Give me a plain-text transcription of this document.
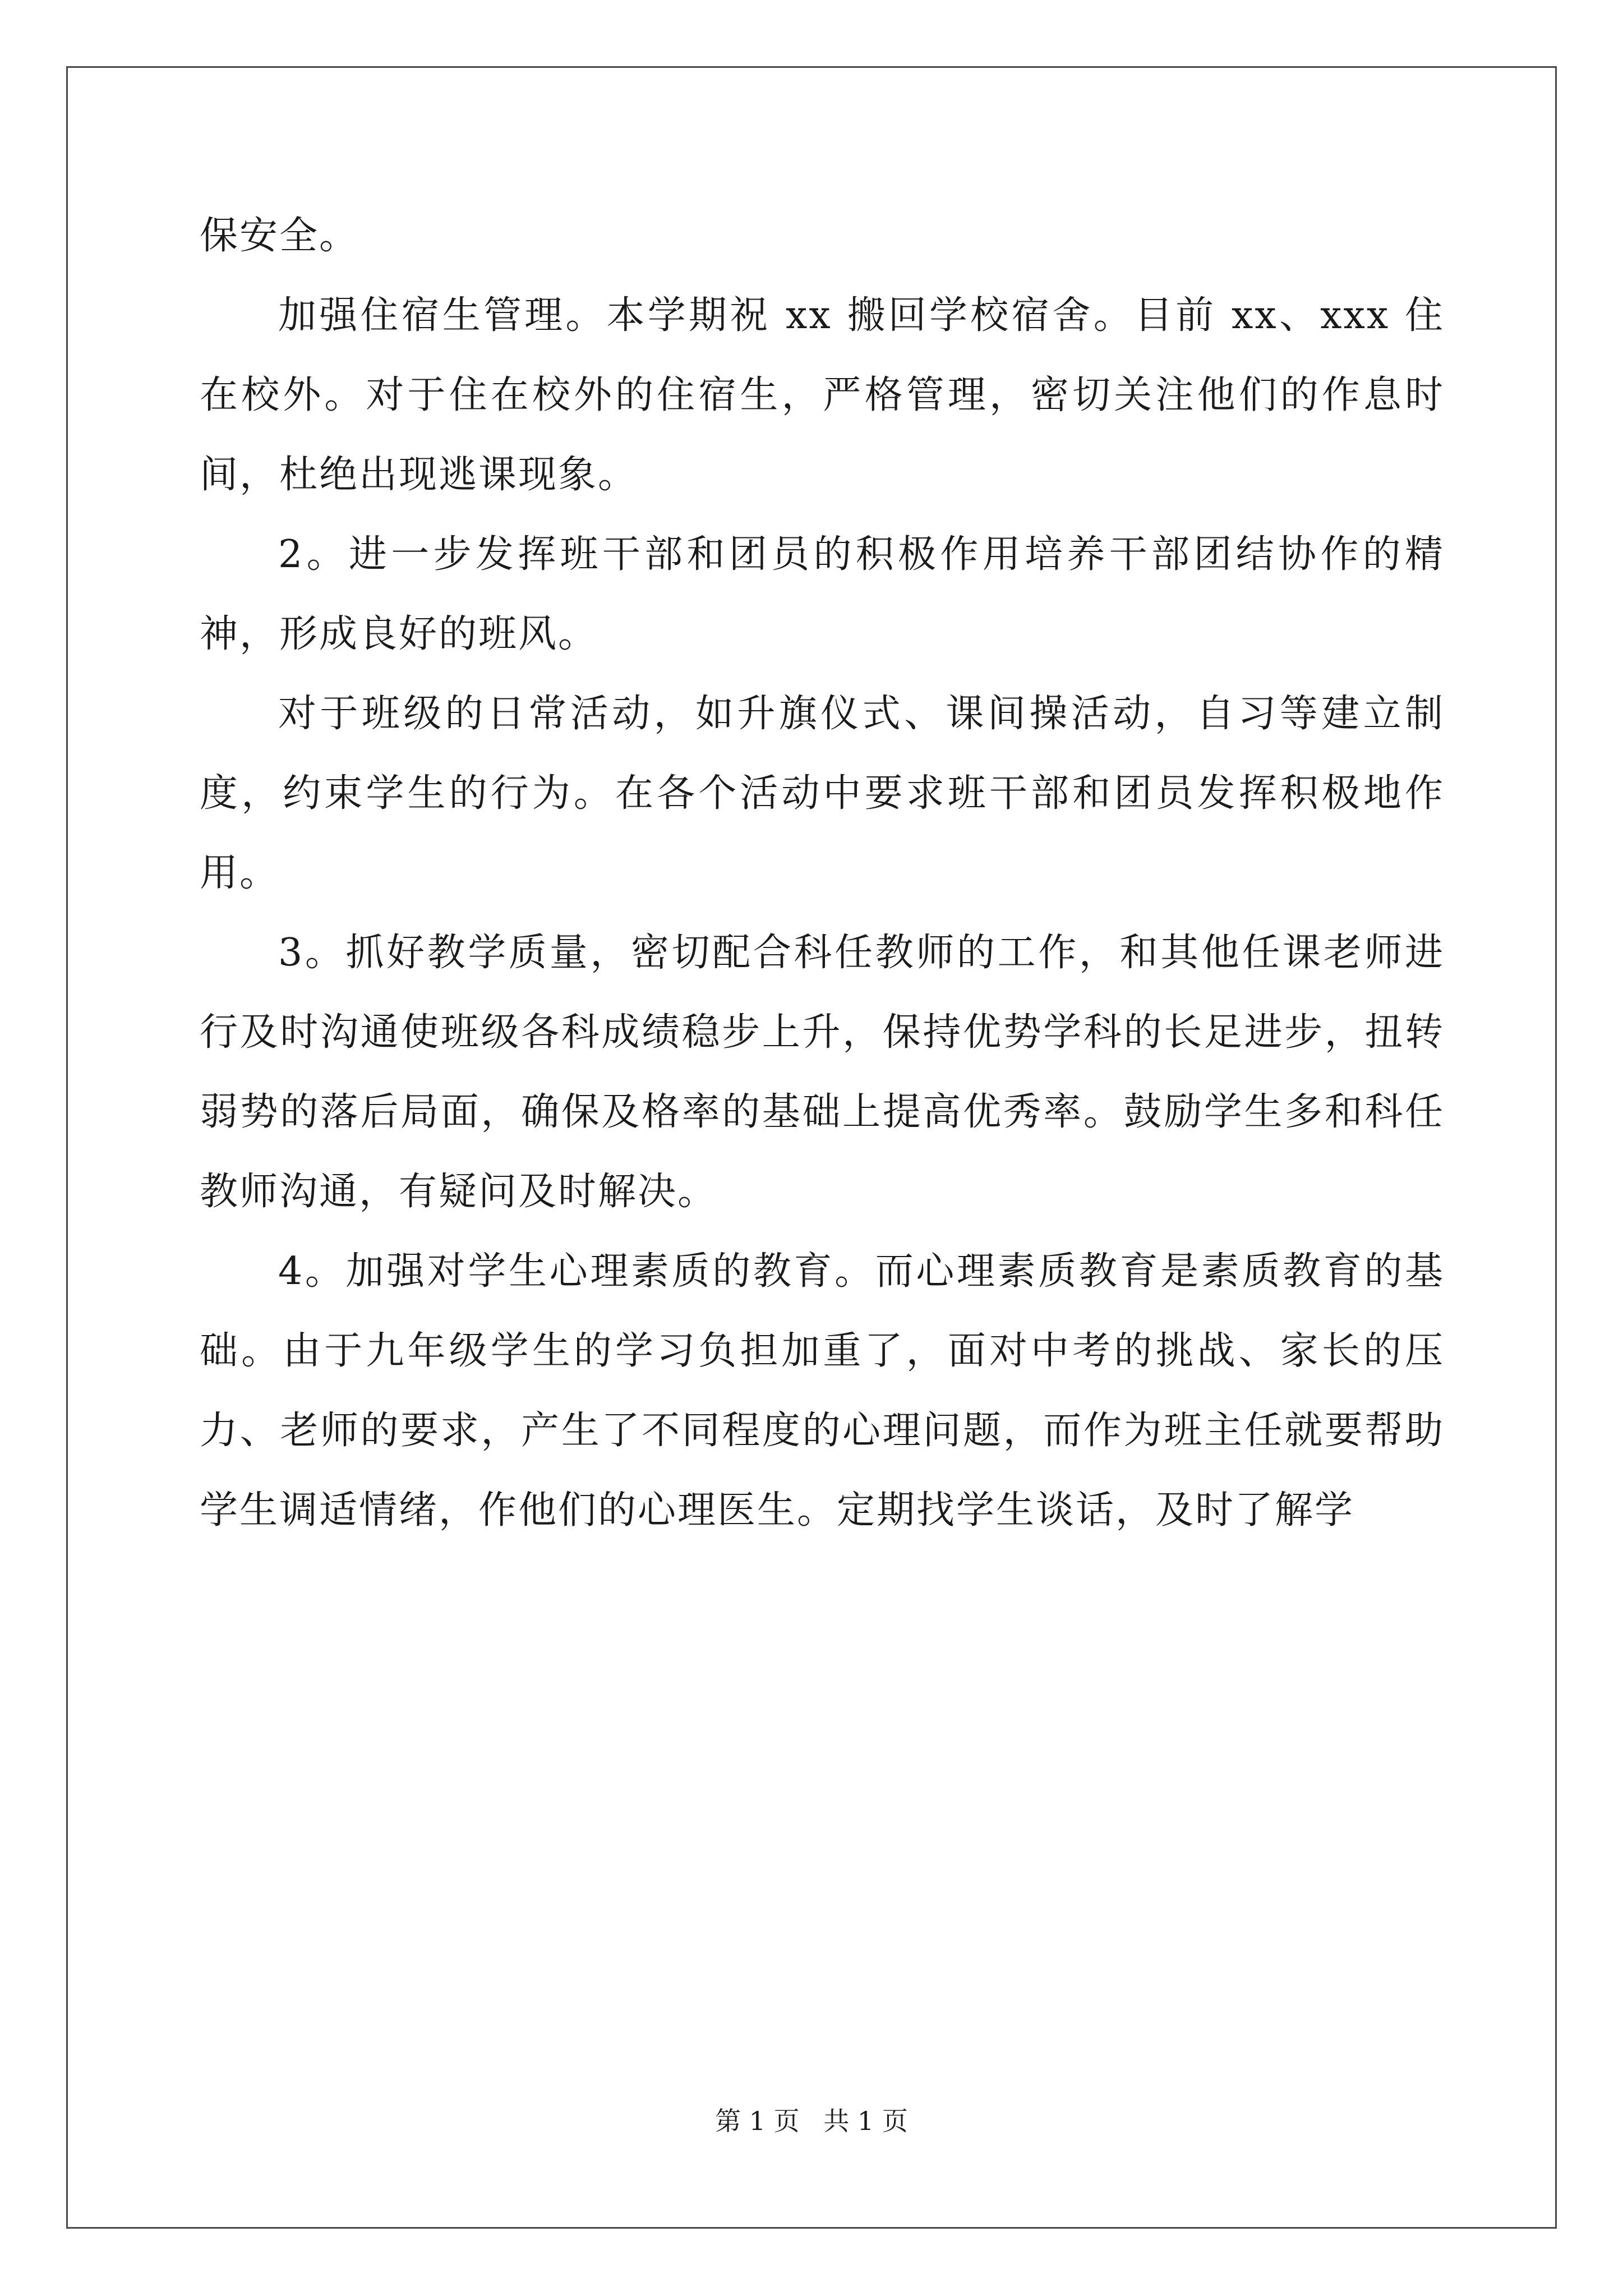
保安全。

加强住宿生管理。本学期祝 xx 搬回学校宿舍。目前 xx、xxx 住在校外。对于住在校外的住宿生，严格管理，密切关注他们的作息时间，杜绝出现逃课现象。

2。进一步发挥班干部和团员的积极作用培养干部团结协作的精神，形成良好的班风。

对于班级的日常活动，如升旗仪式、课间操活动，自习等建立制度，约束学生的行为。在各个活动中要求班干部和团员发挥积极地作用。

3。抓好教学质量，密切配合科任教师的工作，和其他任课老师进行及时沟通使班级各科成绩稳步上升，保持优势学科的长足进步，扭转弱势的落后局面，确保及格率的基础上提高优秀率。鼓励学生多和科任教师沟通，有疑问及时解决。

4。加强对学生心理素质的教育。而心理素质教育是素质教育的基础。由于九年级学生的学习负担加重了，面对中考的挑战、家长的压力、老师的要求，产生了不同程度的心理问题，而作为班主任就要帮助学生调适情绪，作他们的心理医生。定期找学生谈话，及时了解学

第 1 页 共 1 页
